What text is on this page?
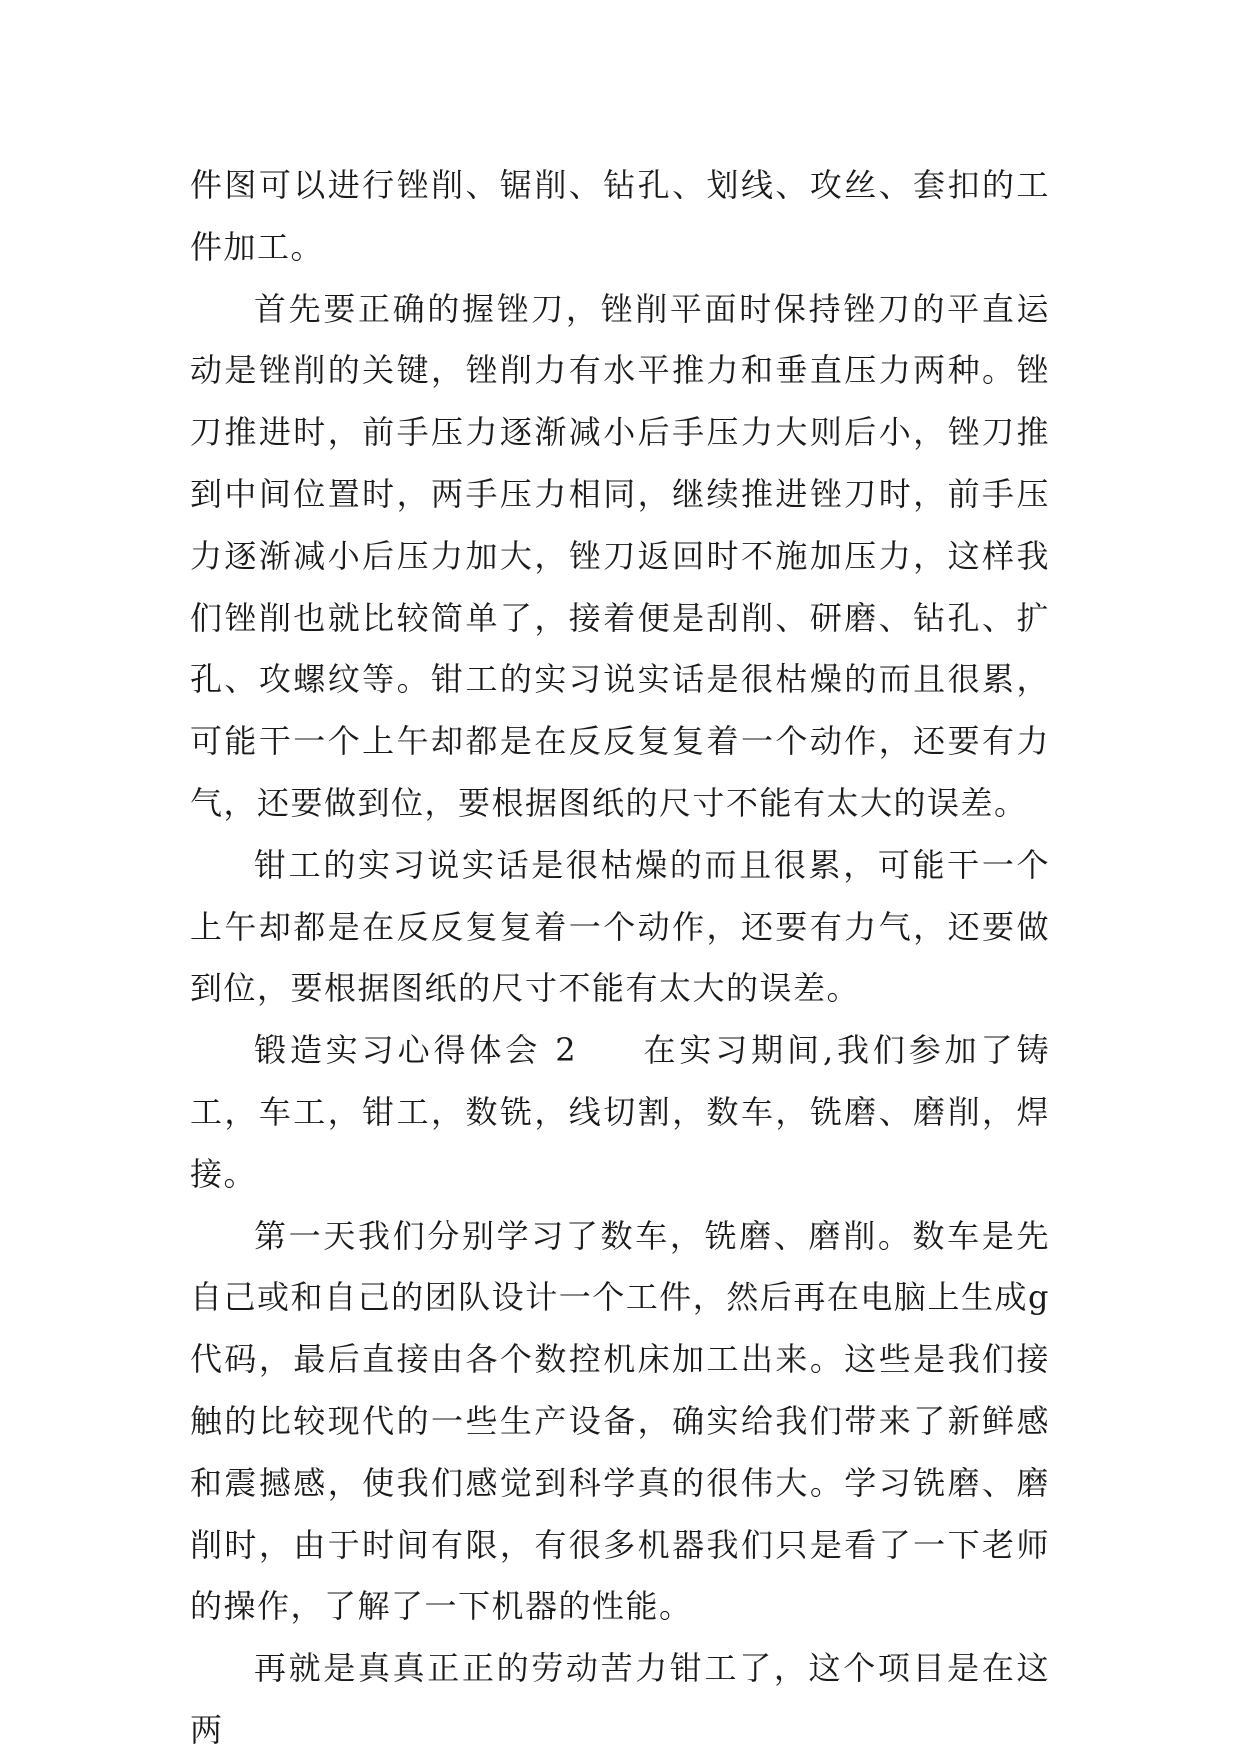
件图可以进行锉削、锯削、钻孔、划线、攻丝、套扣的工件加工。

首先要正确的握锉刀，锉削平面时保持锉刀的平直运动是锉削的关键，锉削力有水平推力和垂直压力两种。锉刀推进时，前手压力逐渐减小后手压力大则后小，锉刀推到中间位置时，两手压力相同，继续推进锉刀时，前手压力逐渐减小后压力加大，锉刀返回时不施加压力，这样我们锉削也就比较简单了，接着便是刮削、研磨、钻孔、扩孔、攻螺纹等。钳工的实习说实话是很枯燥的而且很累，可能干一个上午却都是在反反复复着一个动作，还要有力气，还要做到位，要根据图纸的尺寸不能有太大的误差。

钳工的实习说实话是很枯燥的而且很累，可能干一个上午却都是在反反复复着一个动作，还要有力气，还要做到位，要根据图纸的尺寸不能有太大的误差。

锻造实习心得体会 2 在实习期间,我们参加了铸工，车工，钳工，数铣，线切割，数车，铣磨、磨削，焊接。

第一天我们分别学习了数车，铣磨、磨削。数车是先自己或和自己的团队设计一个工件，然后再在电脑上生成g代码，最后直接由各个数控机床加工出来。这些是我们接触的比较现代的一些生产设备，确实给我们带来了新鲜感和震撼感，使我们感觉到科学真的很伟大。学习铣磨、磨削时，由于时间有限，有很多机器我们只是看了一下老师的操作，了解了一下机器的性能。

再就是真真正正的劳动苦力钳工了，这个项目是在这两
